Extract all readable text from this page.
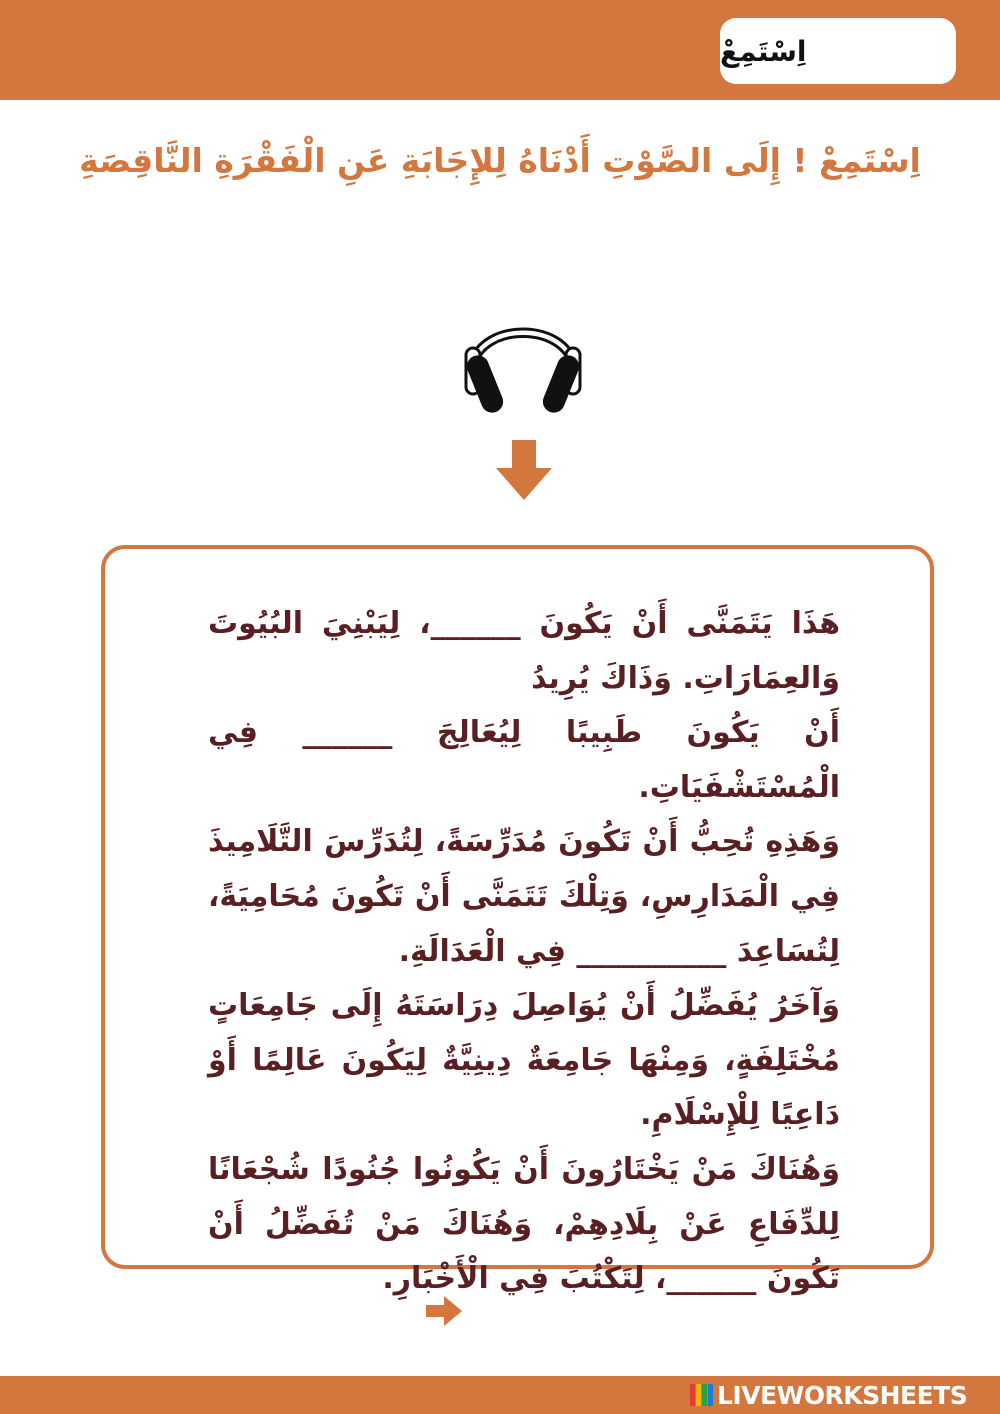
اِسْتَمِعْ
اِسْتَمِعْ ! إِلَى الصَّوْتِ أَدْنَاهُ لِلإِجَابَةِ عَنِ الْفَقْرَةِ النَّاقِصَةِ

هَذَا يَتَمَنَّى أَنْ يَكُونَ ______، لِيَبْنِيَ البُيُوتَ وَالعِمَارَاتِ. وَذَاكَ يُرِيدُ

أَنْ يَكُونَ طَبِيبًا لِيُعَالِجَ ______ فِي الْمُسْتَشْفَيَاتِ.

وَهَذِهِ تُحِبُّ أَنْ تَكُونَ مُدَرِّسَةً، لِتُدَرِّسَ التَّلَامِيذَ فِي الْمَدَارِسِ، وَتِلْكَ تَتَمَنَّى أَنْ تَكُونَ مُحَامِيَةً، لِتُسَاعِدَ __________ فِي الْعَدَالَةِ.

وَآخَرُ يُفَضِّلُ أَنْ يُوَاصِلَ دِرَاسَتَهُ إِلَى جَامِعَاتٍ مُخْتَلِفَةٍ، وَمِنْهَا جَامِعَةٌ دِينِيَّةٌ لِيَكُونَ عَالِمًا أَوْ دَاعِيًا لِلْإِسْلَامِ.

وَهُنَاكَ مَنْ يَخْتَارُونَ أَنْ يَكُونُوا جُنُودًا شُجْعَانًا لِلدِّفَاعِ عَنْ بِلَادِهِمْ، وَهُنَاكَ مَنْ تُفَضِّلُ أَنْ تَكُونَ ______، لِتَكْتُبَ فِي الْأَخْبَارِ.

LIVEWORKSHEETS
